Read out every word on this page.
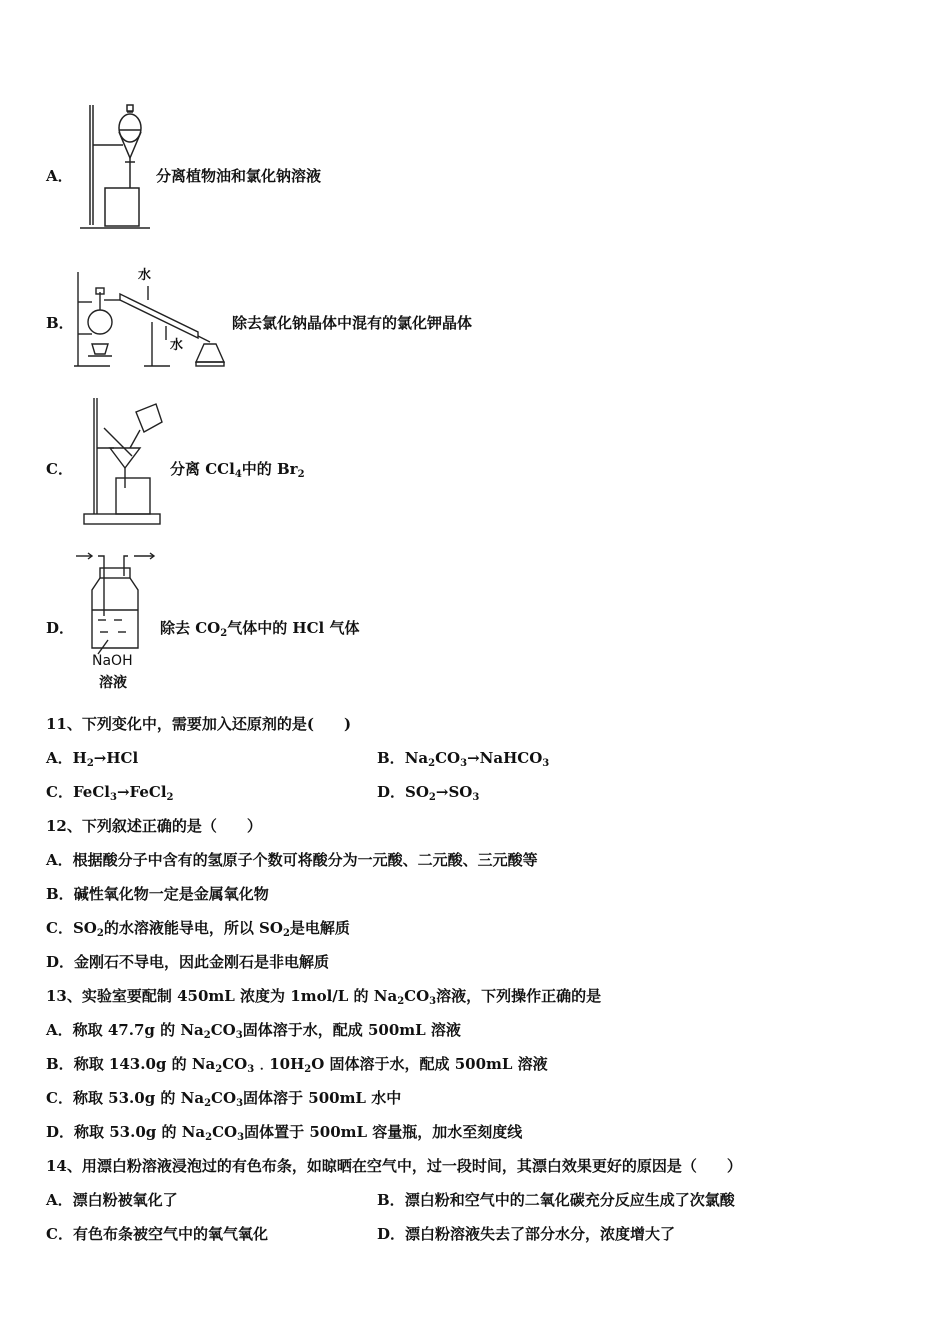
A．	分离植物油和氯化钠溶液
B．
水
水
除去氯化钠晶体中混有的氯化钾晶体
C．	分离 CCl$_4$中的 $Br_2$
D．
NaOH
溶液
除去 $CO_2$气体中的 HCl 气体
11、下列变化中，需要加入还原剂的是(　　)
A．$H_2\to HCl$	B．$Na_2CO_3\to NaHCO_3$
C．FeCl$_3$→FeCl$_2$	D．$SO_2\to SO_3$
12、下列叙述正确的是（　　）
A．根据酸分子中含有的氢原子个数可将酸分为一元酸、二元酸、三元酸等
B．碱性氧化物一定是金属氧化物
C．$SO_2$的水溶液能导电，所以 $SO_2$是电解质
D．金刚石不导电，因此金刚石是非电解质
13、实验室要配制 450mL 浓度为 1mol/L 的 $Na_2CO_3$溶液，下列操作正确的是
A．称取 47.7g 的 $Na_2CO_3$固体溶于水，配成 500mL 溶液
B．称取 143.0g 的 $Na_2CO_3﹒10H_2O$ 固体溶于水，配成 500mL 溶液
C．称取 53.0g 的 $Na_2CO_3$固体溶于 500mL 水中
D．称取 53.0g 的 $Na_2CO_3$固体置于 500mL 容量瓶，加水至刻度线
14、用漂白粉溶液浸泡过的有色布条，如晾晒在空气中，过一段时间，其漂白效果更好的原因是（　　）
A．漂白粉被氧化了	B．漂白粉和空气中的二氧化碳充分反应生成了次氯酸
C．有色布条被空气中的氧气氧化	D．漂白粉溶液失去了部分水分，浓度增大了
